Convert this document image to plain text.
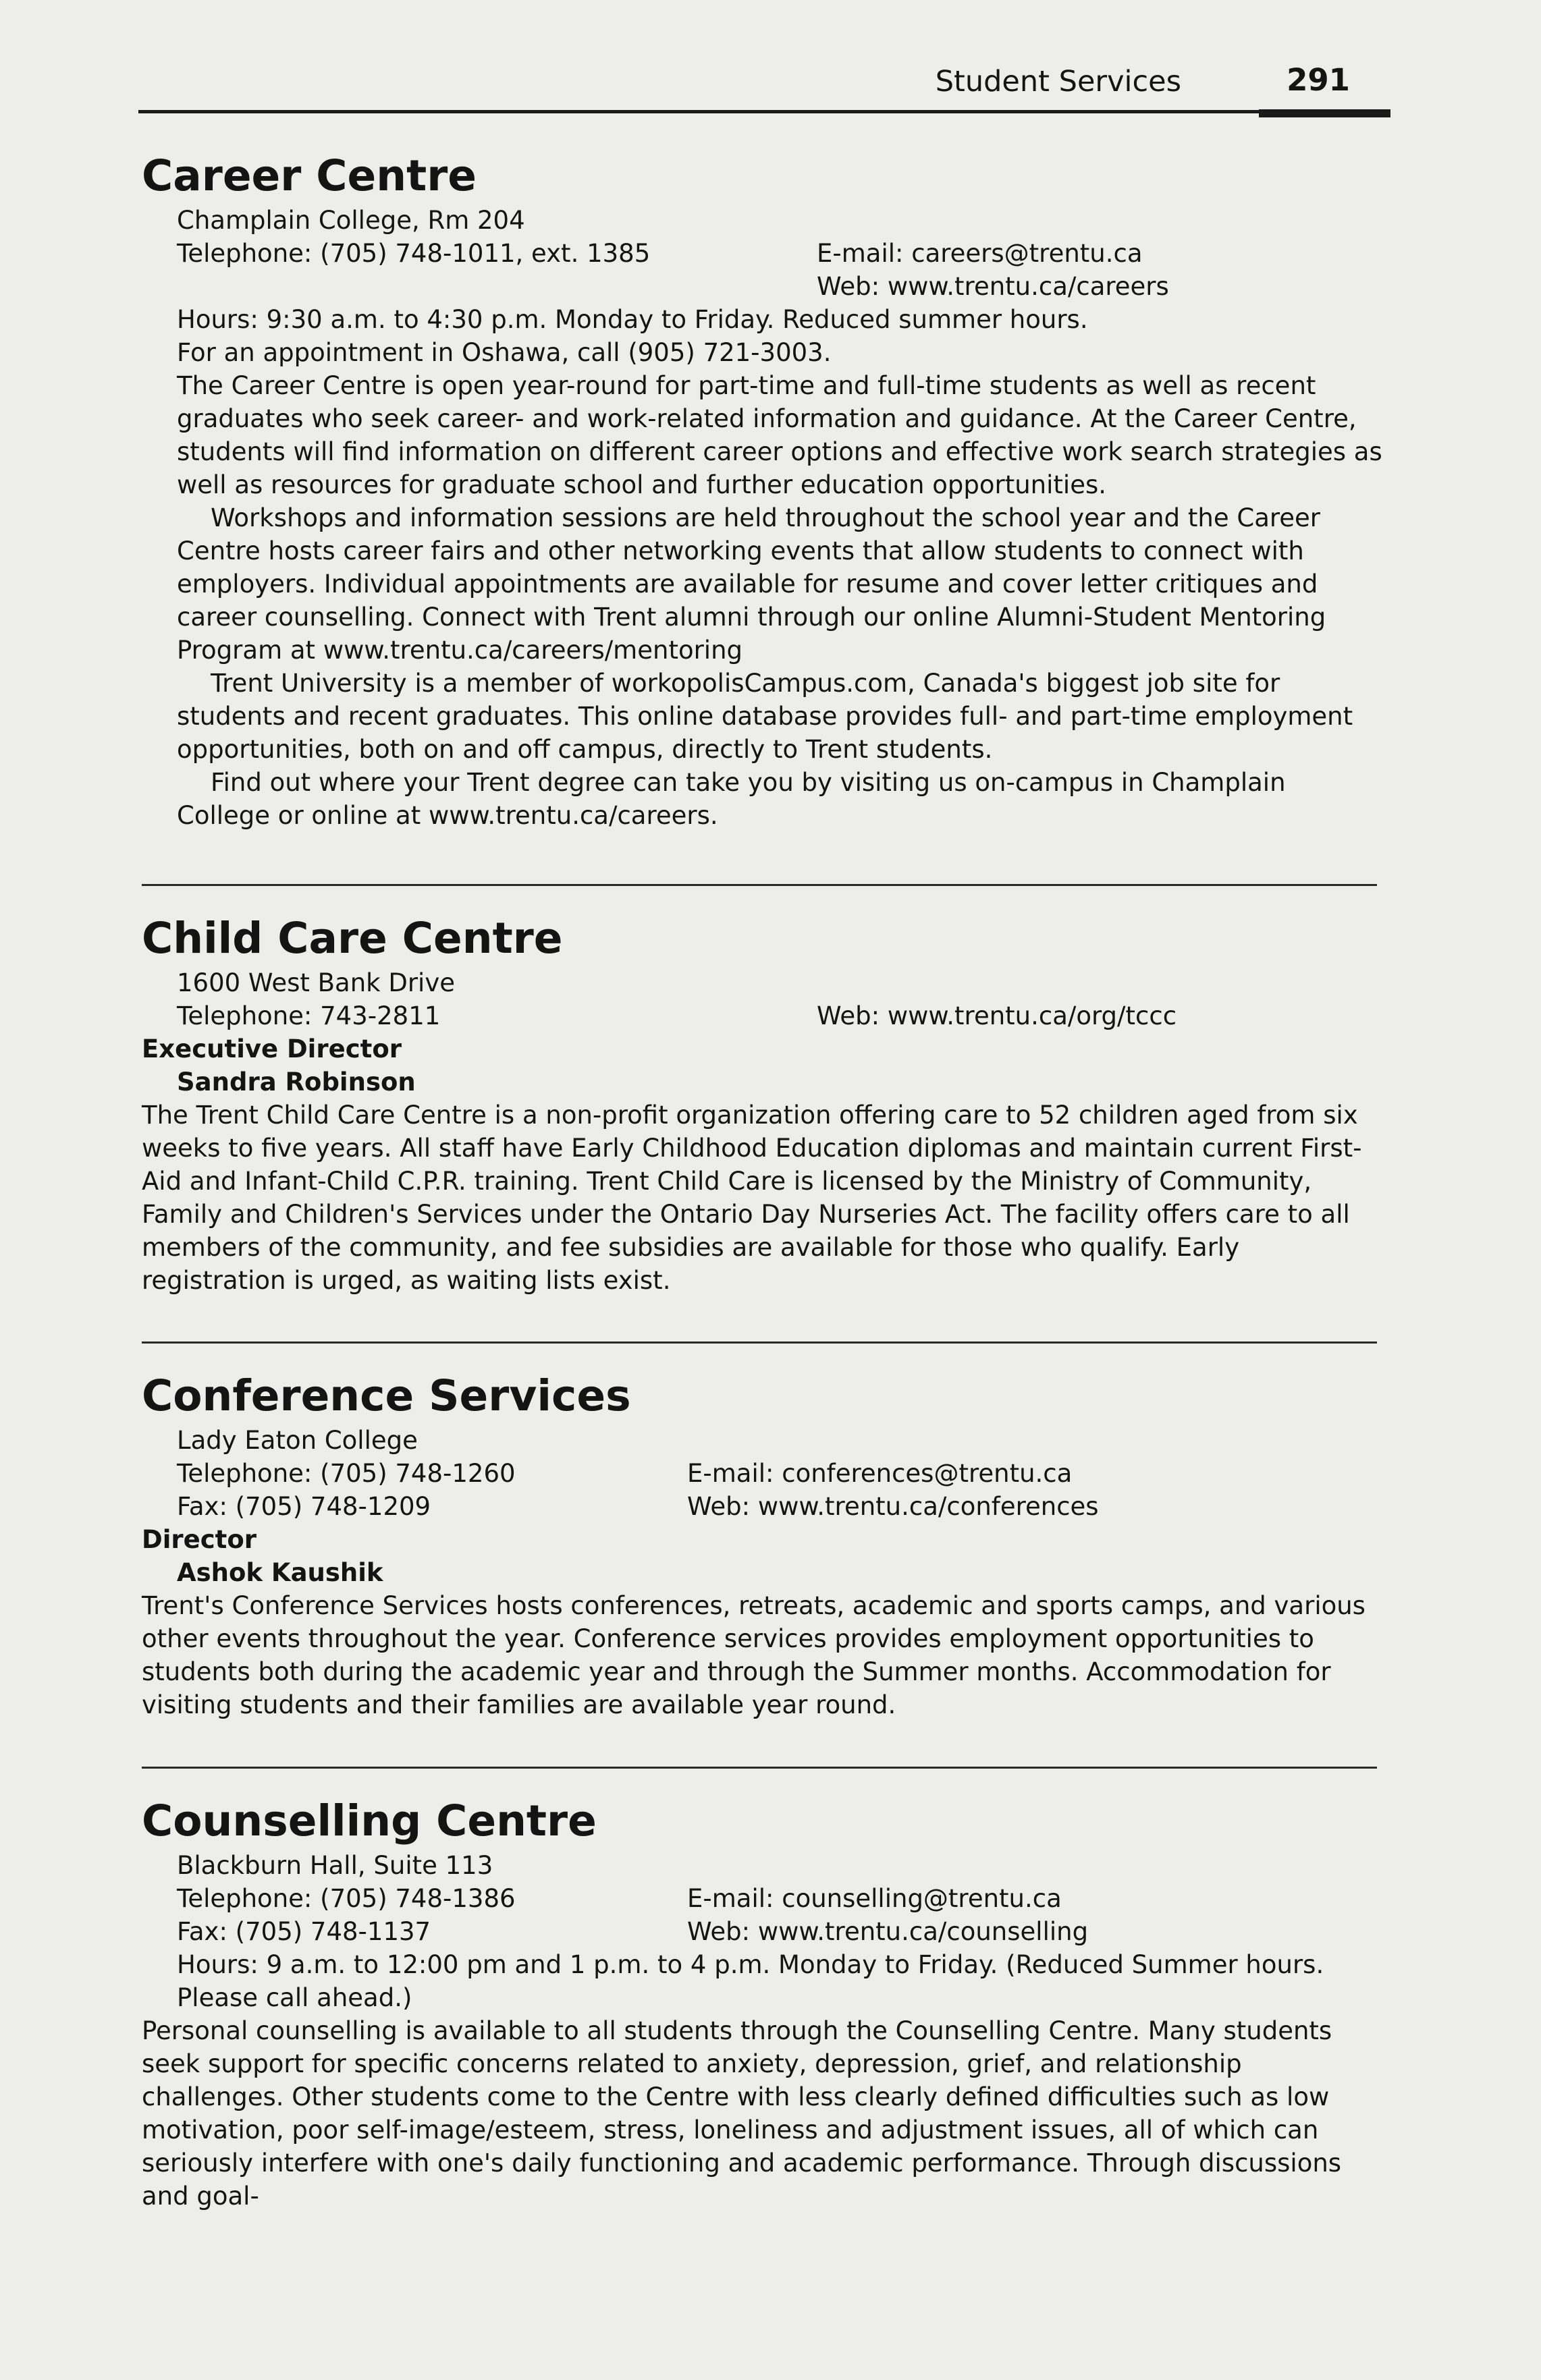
Student Services	291
Career Centre
Champlain College, Rm 204
Telephone: (705) 748-1011, ext. 1385	E-mail: careers@trentu.ca
Web: www.trentu.ca/careers
Hours: 9:30 a.m. to 4:30 p.m. Monday to Friday. Reduced summer hours.
For an appointment in Oshawa, call (905) 721-3003.

The Career Centre is open year-round for part-time and full-time students as well as recent graduates who seek career- and work-related information and guidance. At the Career Centre, students will find information on different career options and effective work search strategies as well as resources for graduate school and further education opportunities.

Workshops and information sessions are held throughout the school year and the Career Centre hosts career fairs and other networking events that allow students to connect with employers. Individual appointments are available for resume and cover letter critiques and career counselling. Connect with Trent alumni through our online Alumni-Student Mentoring Program at www.trentu.ca/careers/mentoring

Trent University is a member of workopolisCampus.com, Canada's biggest job site for students and recent graduates. This online database provides full- and part-time employment opportunities, both on and off campus, directly to Trent students.

Find out where your Trent degree can take you by visiting us on-campus in Champlain College or online at www.trentu.ca/careers.

Child Care Centre
1600 West Bank Drive
Telephone: 743-2811	Web: www.trentu.ca/org/tccc
Executive Director
Sandra Robinson

The Trent Child Care Centre is a non-profit organization offering care to 52 children aged from six weeks to five years. All staff have Early Childhood Education diplomas and maintain current First-Aid and Infant-Child C.P.R. training. Trent Child Care is licensed by the Ministry of Community, Family and Children's Services under the Ontario Day Nurseries Act. The facility offers care to all members of the community, and fee subsidies are available for those who qualify. Early registration is urged, as waiting lists exist.

Conference Services
Lady Eaton College
Telephone: (705) 748-1260	E-mail: conferences@trentu.ca
Fax: (705) 748-1209	Web: www.trentu.ca/conferences
Director
Ashok Kaushik

Trent's Conference Services hosts conferences, retreats, academic and sports camps, and various other events throughout the year. Conference services provides employment opportunities to students both during the academic year and through the Summer months. Accommodation for visiting students and their families are available year round.

Counselling Centre
Blackburn Hall, Suite 113
Telephone: (705) 748-1386	E-mail: counselling@trentu.ca
Fax: (705) 748-1137	Web: www.trentu.ca/counselling

Hours: 9 a.m. to 12:00 pm and 1 p.m. to 4 p.m. Monday to Friday. (Reduced Summer hours. Please call ahead.)

Personal counselling is available to all students through the Counselling Centre. Many students seek support for specific concerns related to anxiety, depression, grief, and relationship challenges. Other students come to the Centre with less clearly defined difficulties such as low motivation, poor self-image/esteem, stress, loneliness and adjustment issues, all of which can seriously interfere with one's daily functioning and academic performance. Through discussions and goal-
